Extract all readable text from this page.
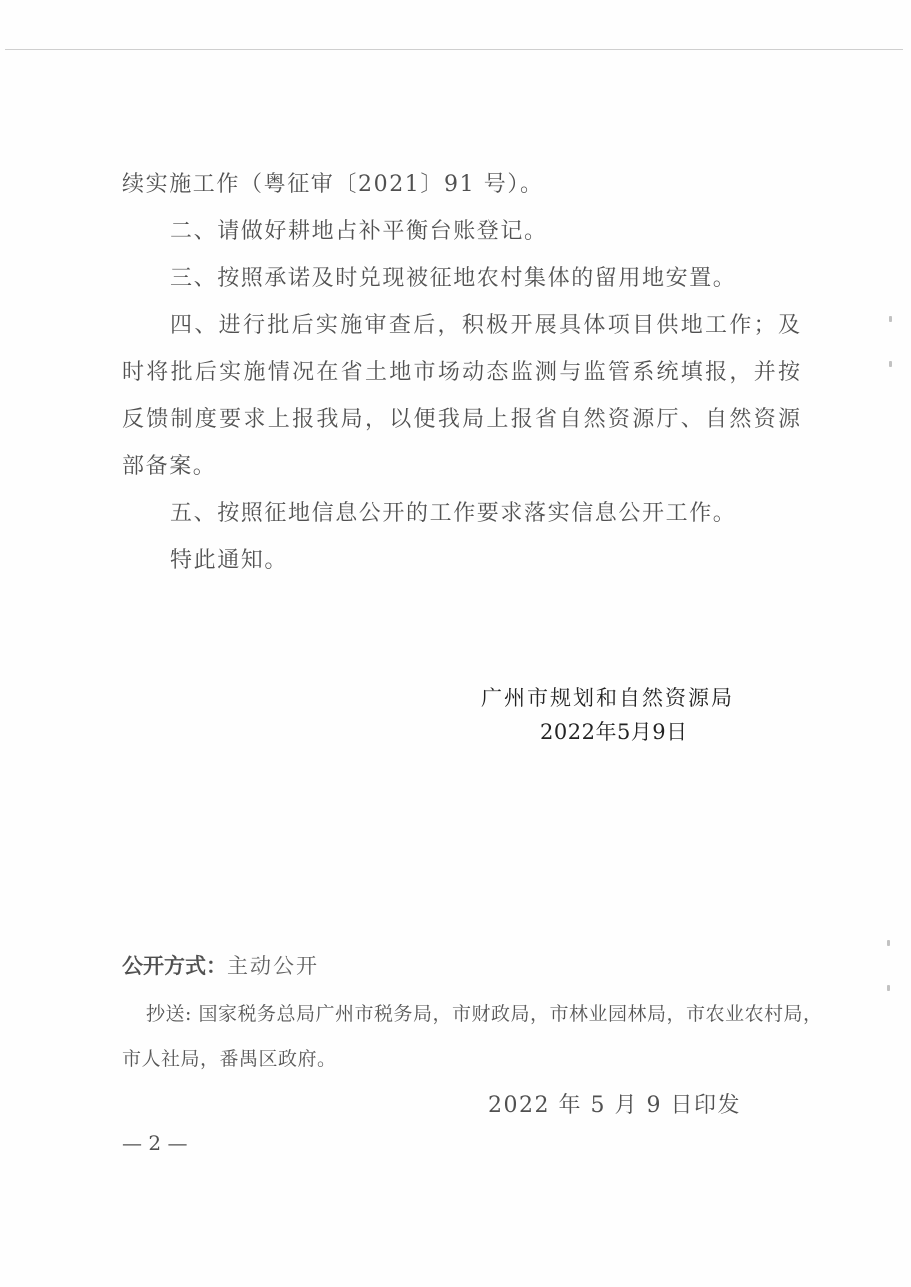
续实施工作（粤征审〔2021〕91 号）。
二、请做好耕地占补平衡台账登记。
三、按照承诺及时兑现被征地农村集体的留用地安置。
四、进行批后实施审查后，积极开展具体项目供地工作；及
时将批后实施情况在省土地市场动态监测与监管系统填报，并按
反馈制度要求上报我局，以便我局上报省自然资源厅、自然资源
部备案。
五、按照征地信息公开的工作要求落实信息公开工作。
特此通知。
广州市规划和自然资源局
2022年5月9日
公开方式：主动公开
抄送: 国家税务总局广州市税务局，市财政局，市林业园林局，市农业农村局，
市人社局，番禺区政府。
2022 年 5 月 9 日印发
— 2 —
